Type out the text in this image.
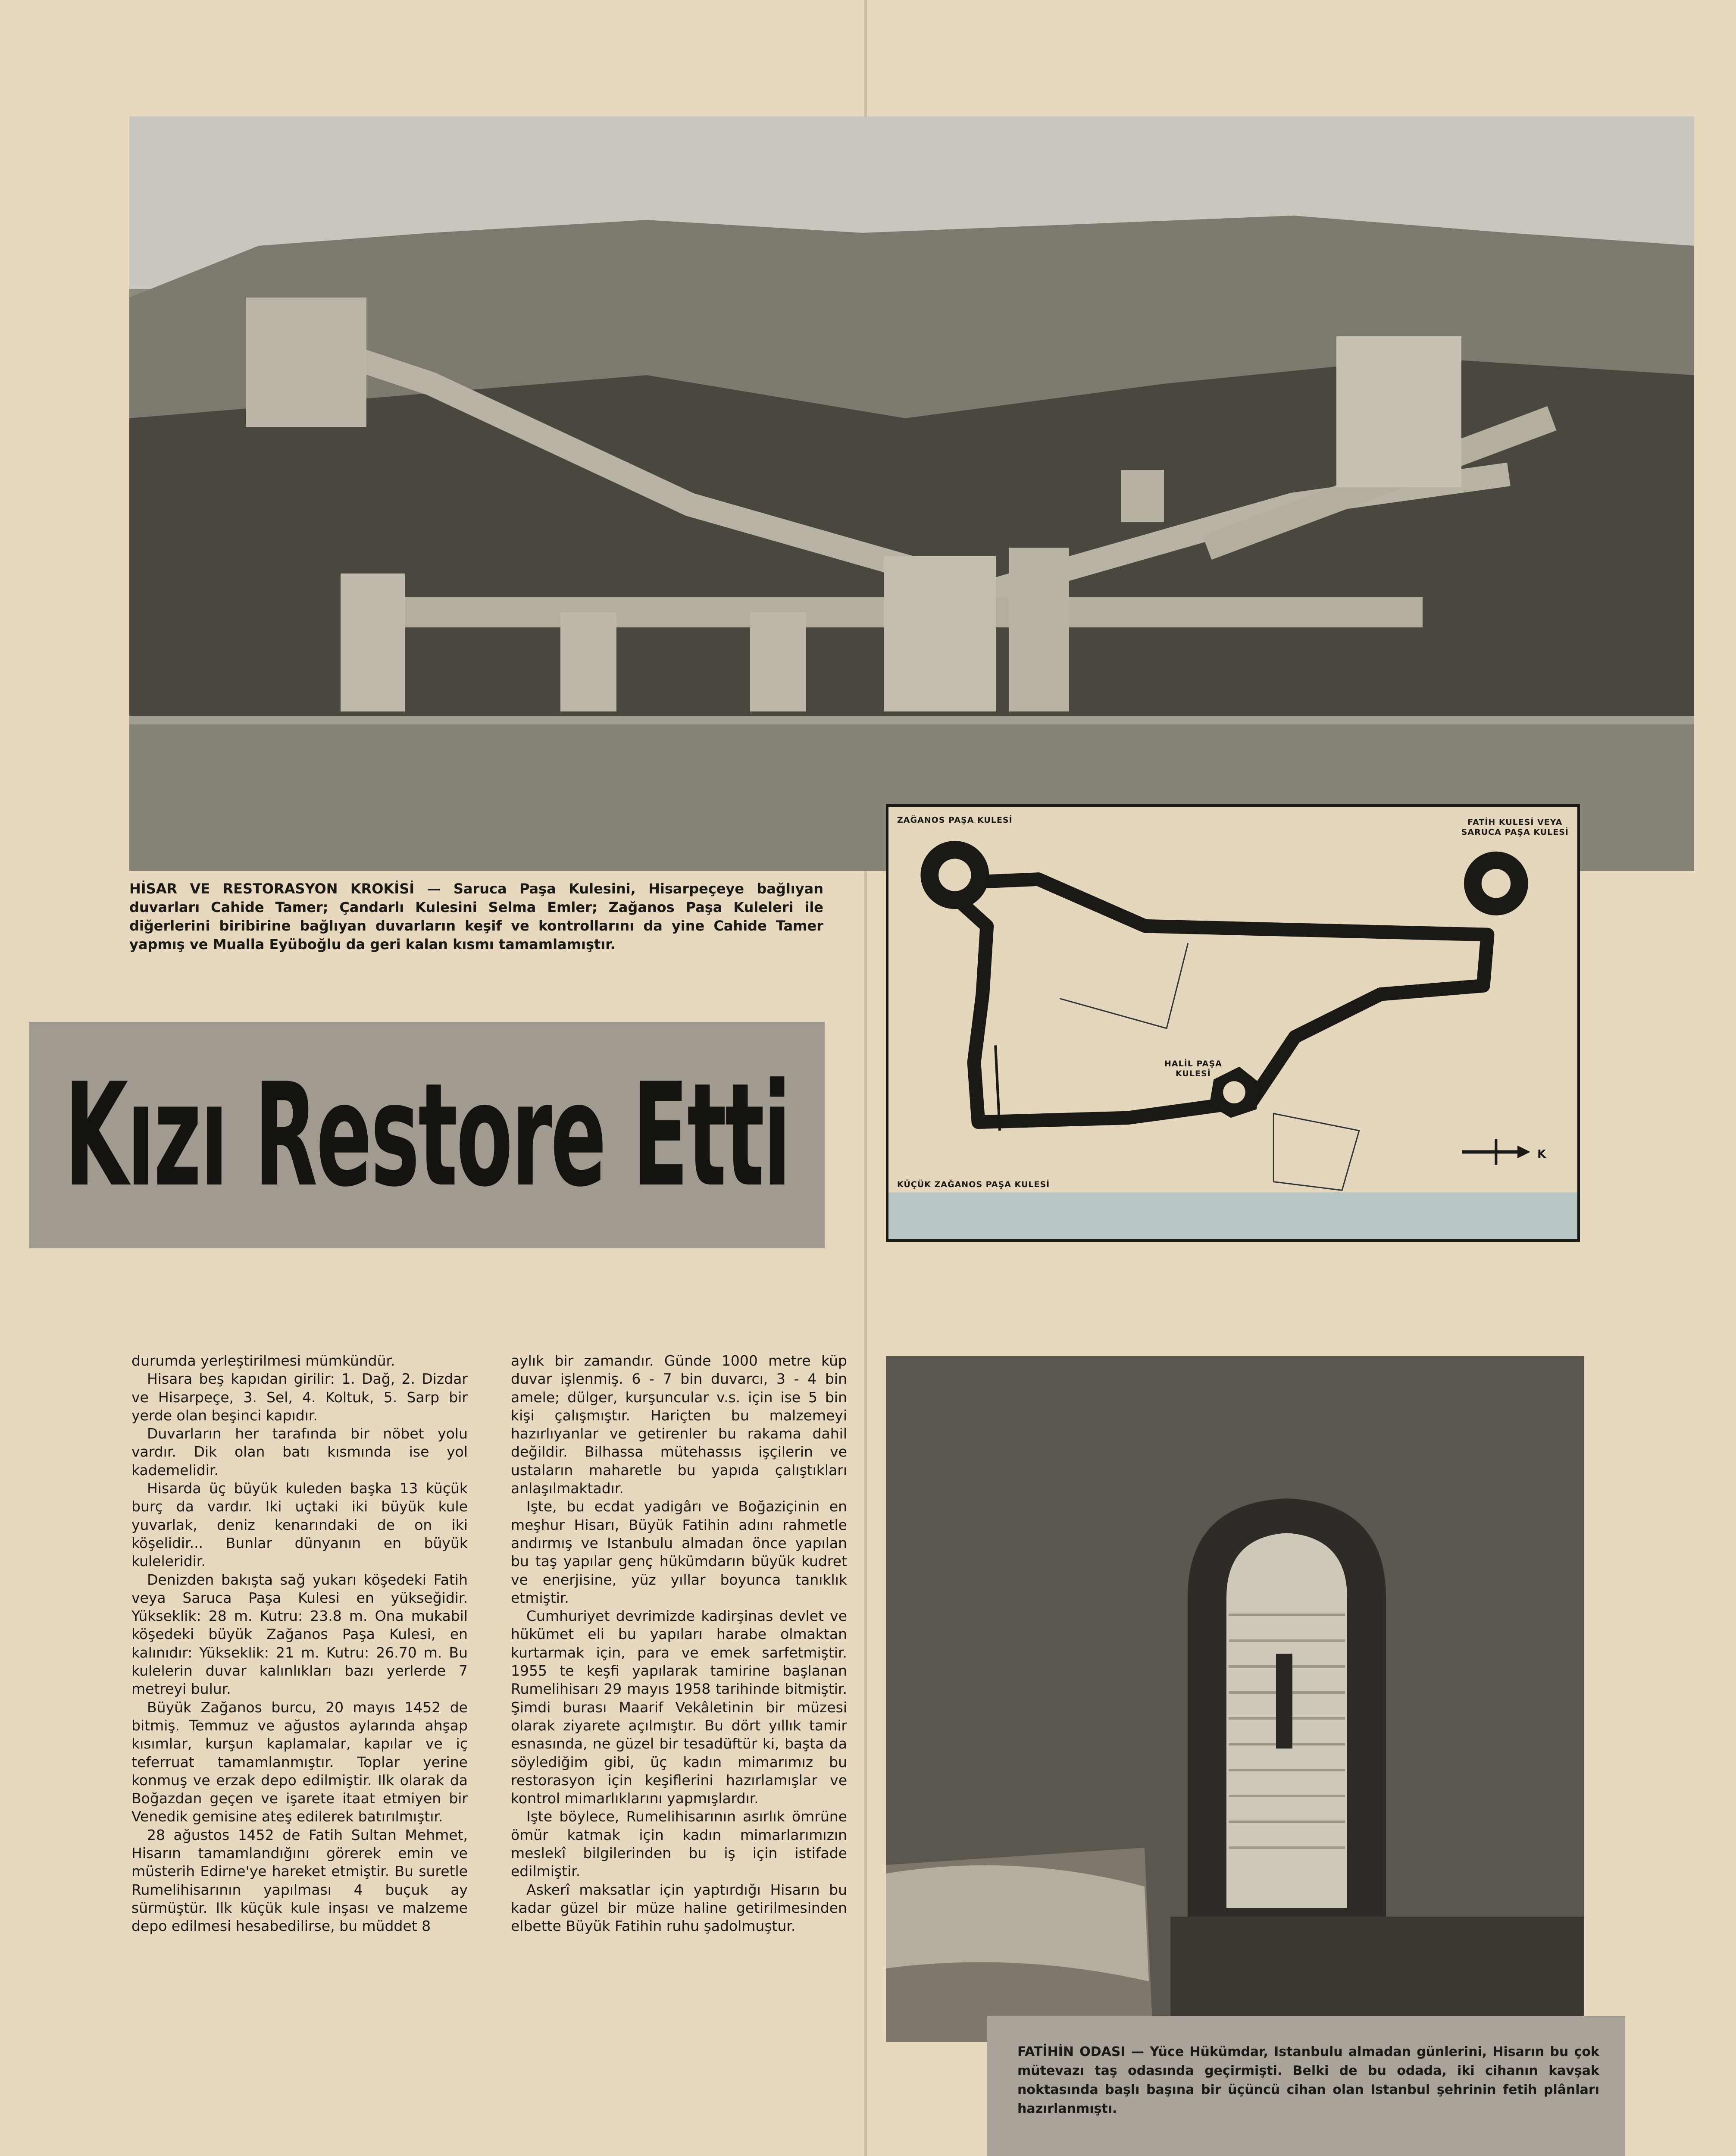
HİSAR VE RESTORASYON KROKİSİ — Saruca Paşa Kulesini, Hisarpeçeye bağlıyan duvarları Cahide Tamer; Çandarlı Kulesini Selma Emler; Zağanos Paşa Kuleleri ile diğerlerini biribirine bağlıyan duvarların keşif ve kontrollarını da yine Cahide Tamer yapmış ve Mualla Eyüboğlu da geri kalan kısmı tamamlamıştır.
Kızı Restore Etti
ZAĞANOS PAŞA KULESİ	FATİH KULESİ VEYA
SARUCA PAŞA KULESİ
HALİL PAŞA
KULESİ
KÜÇÜK ZAĞANOS PAŞA KULESİ
K

durumda yerleştirilmesi mümkündür.

Hisara beş kapıdan girilir: 1. Dağ, 2. Dizdar ve Hisarpeçe, 3. Sel, 4. Koltuk, 5. Sarp bir yerde olan beşinci kapıdır.

Duvarların her tarafında bir nöbet yolu vardır. Dik olan batı kısmında ise yol kademelidir.

Hisarda üç büyük kuleden başka 13 küçük burç da vardır. Iki uçtaki iki büyük kule yuvarlak, deniz kenarındaki de on iki köşelidir... Bunlar dünyanın en büyük kuleleridir.

Denizden bakışta sağ yukarı köşedeki Fatih veya Saruca Paşa Kulesi en yükseğidir. Yükseklik: 28 m. Kutru: 23.8 m. Ona mukabil köşedeki büyük Zağanos Paşa Kulesi, en kalınıdır: Yükseklik: 21 m. Kutru: 26.70 m. Bu kulelerin duvar kalınlıkları bazı yerlerde 7 metreyi bulur.

Büyük Zağanos burcu, 20 mayıs 1452 de bitmiş. Temmuz ve ağustos aylarında ahşap kısımlar, kurşun kaplamalar, kapılar ve iç teferruat tamamlanmıştır. Toplar yerine konmuş ve erzak depo edilmiştir. Ilk olarak da Boğazdan geçen ve işarete itaat etmiyen bir Venedik gemisine ateş edilerek batırılmıştır.

28 ağustos 1452 de Fatih Sultan Mehmet, Hisarın tamamlandığını görerek emin ve müsterih Edirne'ye hareket etmiştir. Bu suretle Rumelihisarının yapılması 4 buçuk ay sürmüştür. Ilk küçük kule inşası ve malzeme depo edilmesi hesabedilirse, bu müddet 8

aylık bir zamandır. Günde 1000 metre küp duvar işlenmiş. 6 - 7 bin duvarcı, 3 - 4 bin amele; dülger, kurşuncular v.s. için ise 5 bin kişi çalışmıştır. Hariçten bu malzemeyi hazırlıyanlar ve getirenler bu rakama dahil değildir. Bilhassa mütehassıs işçilerin ve ustaların maharetle bu yapıda çalıştıkları anlaşılmaktadır.

Işte, bu ecdat yadigârı ve Boğaziçinin en meşhur Hisarı, Büyük Fatihin adını rahmetle andırmış ve Istanbulu almadan önce yapılan bu taş yapılar genç hükümdarın büyük kudret ve enerjisine, yüz yıllar boyunca tanıklık etmiştir.

Cumhuriyet devrimizde kadirşinas devlet ve hükümet eli bu yapıları harabe olmaktan kurtarmak için, para ve emek sarfetmiştir. 1955 te keşfi yapılarak tamirine başlanan Rumelihisarı 29 mayıs 1958 tarihinde bitmiştir. Şimdi burası Maarif Vekâletinin bir müzesi olarak ziyarete açılmıştır. Bu dört yıllık tamir esnasında, ne güzel bir tesadüftür ki, başta da söylediğim gibi, üç kadın mimarımız bu restorasyon için keşiflerini hazırlamışlar ve kontrol mimarlıklarını yapmışlardır.

Işte böylece, Rumelihisarının asırlık ömrüne ömür katmak için kadın mimarlarımızın meslekî bilgilerinden bu iş için istifade edilmiştir.

Askerî maksatlar için yaptırdığı Hisarın bu kadar güzel bir müze haline getirilmesinden elbette Büyük Fatihin ruhu şadolmuştur.

FATİHİN ODASI — Yüce Hükümdar, Istanbulu almadan günlerini, Hisarın bu çok mütevazı taş odasında geçirmişti. Belki de bu odada, iki cihanın kavşak noktasında başlı başına bir üçüncü cihan olan Istanbul şehrinin fetih plânları hazırlanmıştı.
